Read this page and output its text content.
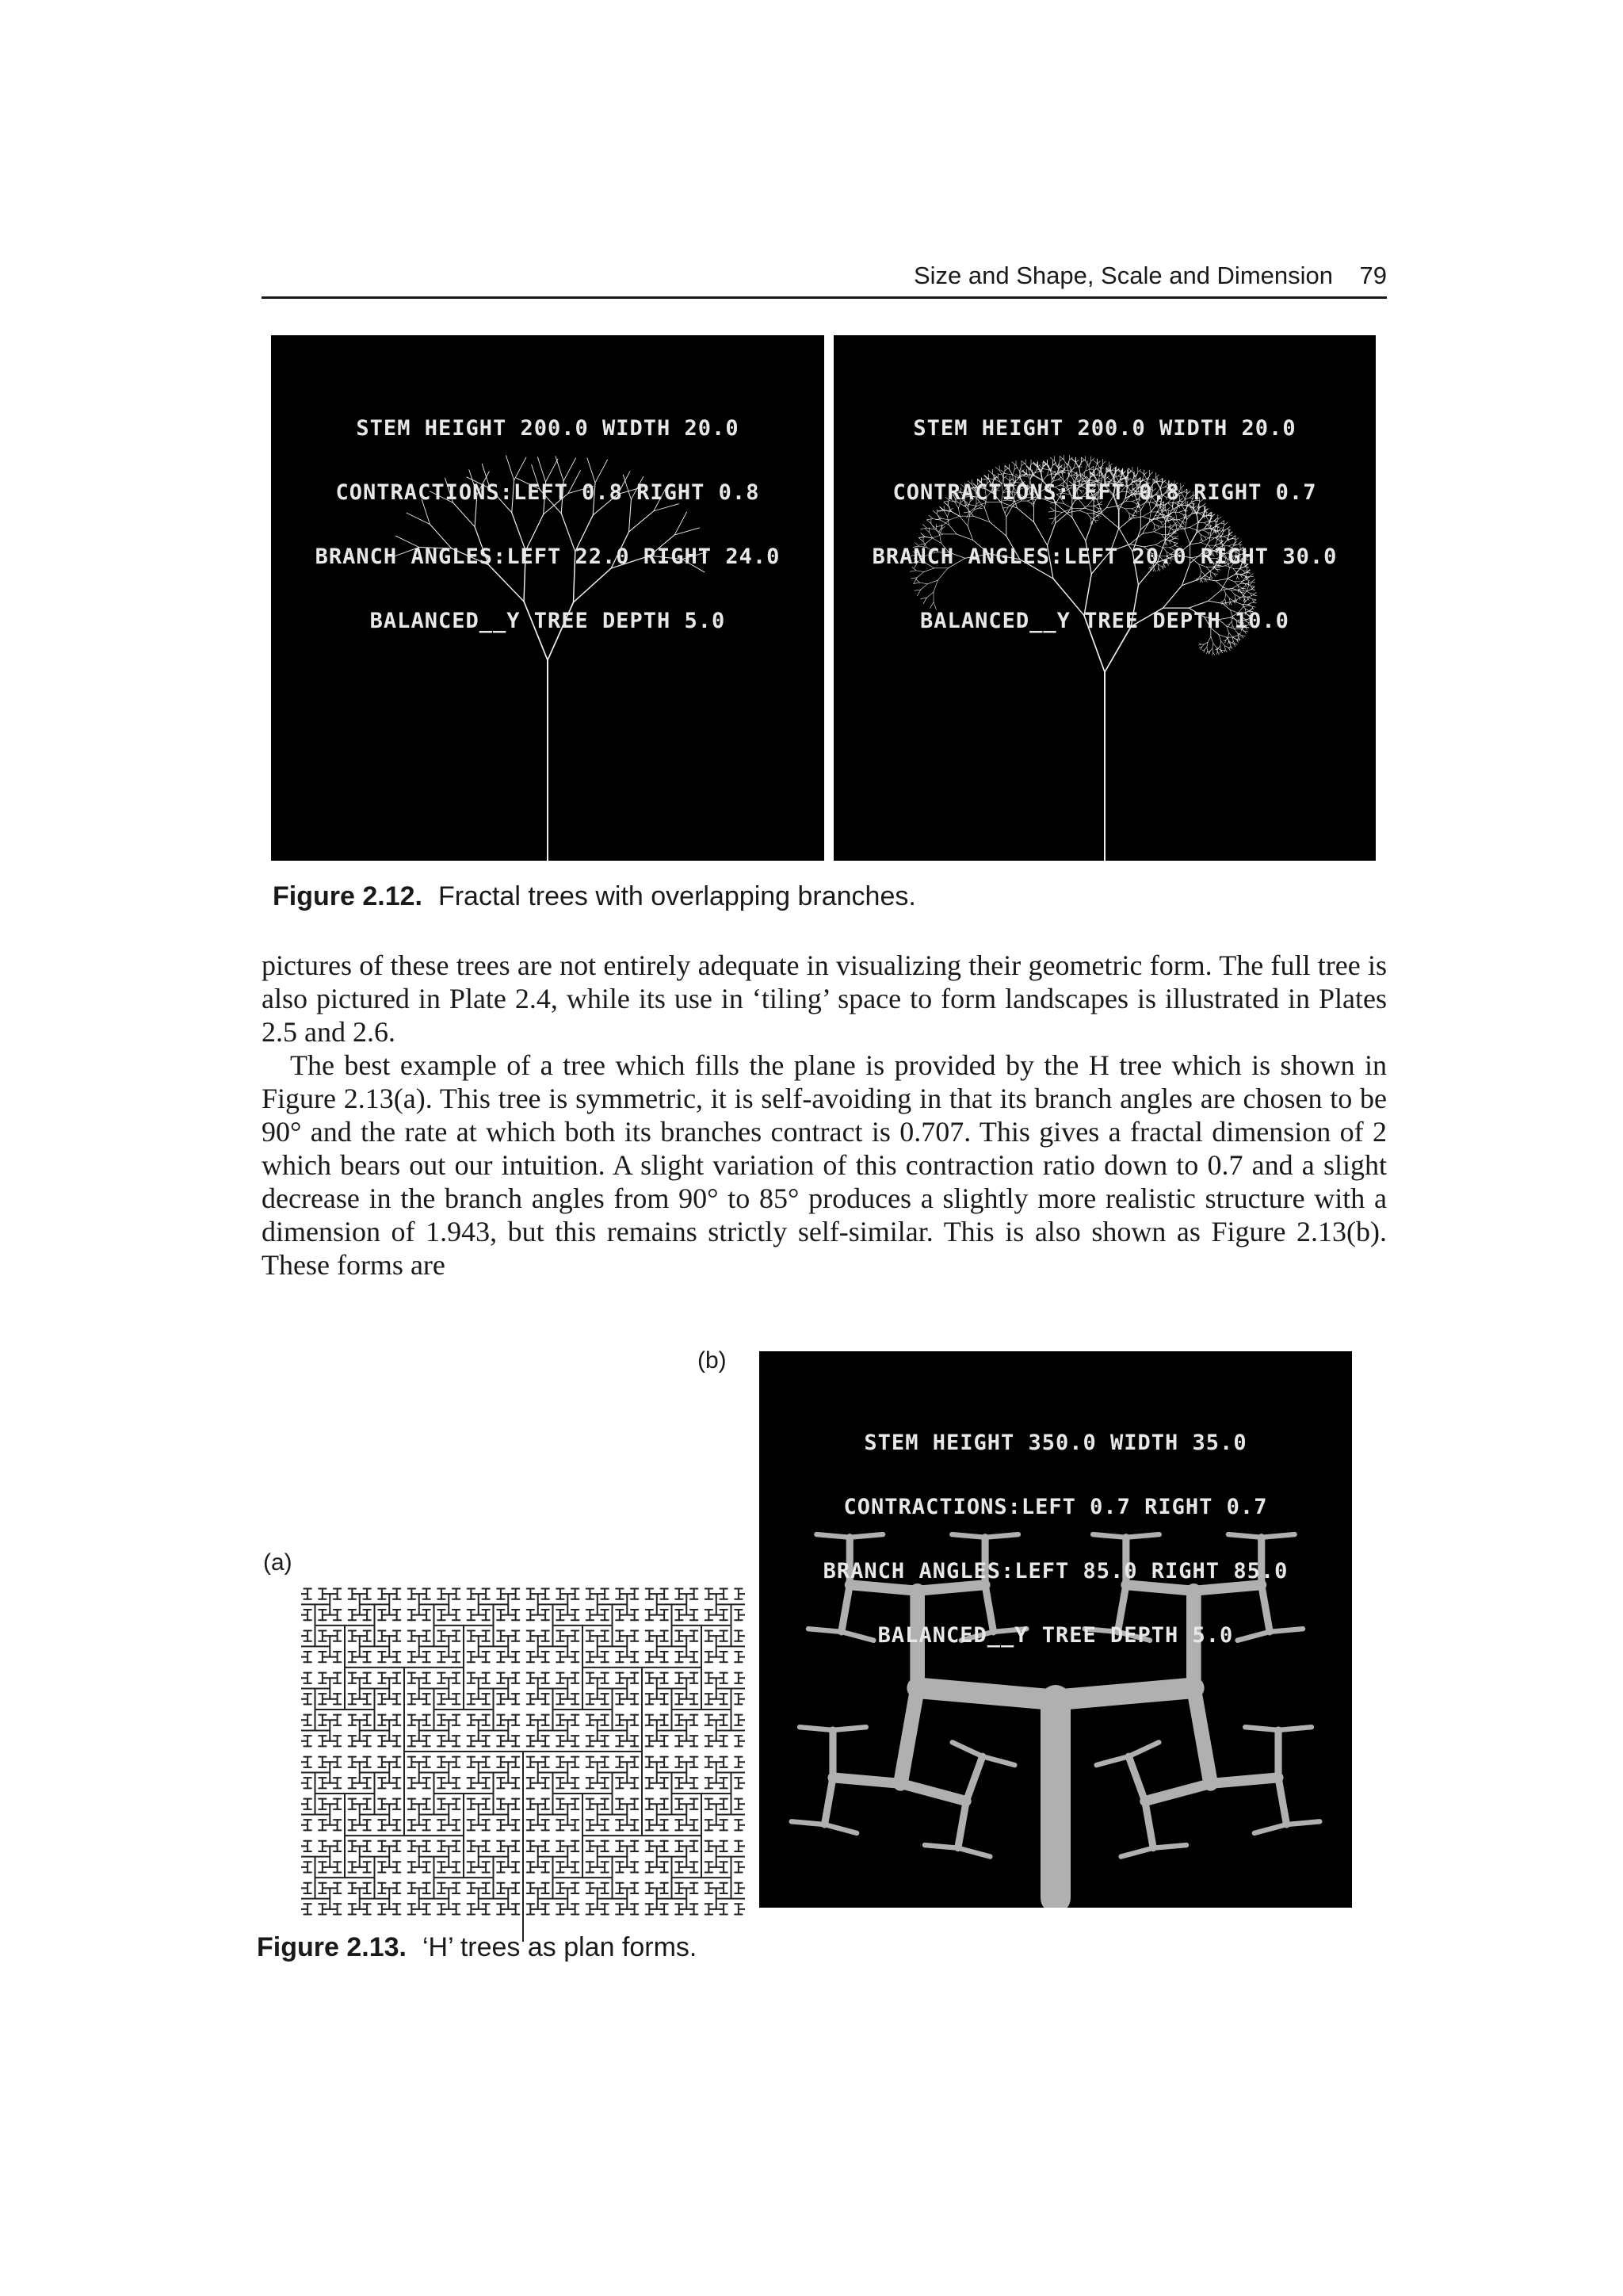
Size and Shape, Scale and Dimension 79

STEM HEIGHT 200.0 WIDTH 20.0

CONTRACTIONS:LEFT 0.8 RIGHT 0.8

BRANCH ANGLES:LEFT 22.0 RIGHT 24.0

BALANCED__Y TREE DEPTH 5.0

STEM HEIGHT 200.0 WIDTH 20.0

CONTRACTIONS:LEFT 0.8 RIGHT 0.7

BRANCH ANGLES:LEFT 20.0 RIGHT 30.0

BALANCED__Y TREE DEPTH 10.0

Figure 2.12. Fractal trees with overlapping branches.

pictures of these trees are not entirely adequate in visualizing their geometric form. The full tree is also pictured in Plate 2.4, while its use in ‘tiling’ space to form landscapes is illustrated in Plates 2.5 and 2.6.

The best example of a tree which fills the plane is provided by the H tree which is shown in Figure 2.13(a). This tree is symmetric, it is self-avoiding in that its branch angles are chosen to be 90° and the rate at which both its branches contract is 0.707. This gives a fractal dimension of 2 which bears out our intuition. A slight variation of this contraction ratio down to 0.7 and a slight decrease in the branch angles from 90° to 85° produces a slightly more realistic structure with a dimension of 1.943, but this remains strictly self-similar. This is also shown as Figure 2.13(b). These forms are

(b)
(a)

STEM HEIGHT 350.0 WIDTH 35.0

CONTRACTIONS:LEFT 0.7 RIGHT 0.7

BRANCH ANGLES:LEFT 85.0 RIGHT 85.0

BALANCED__Y TREE DEPTH 5.0

Figure 2.13. ‘H’ trees as plan forms.
